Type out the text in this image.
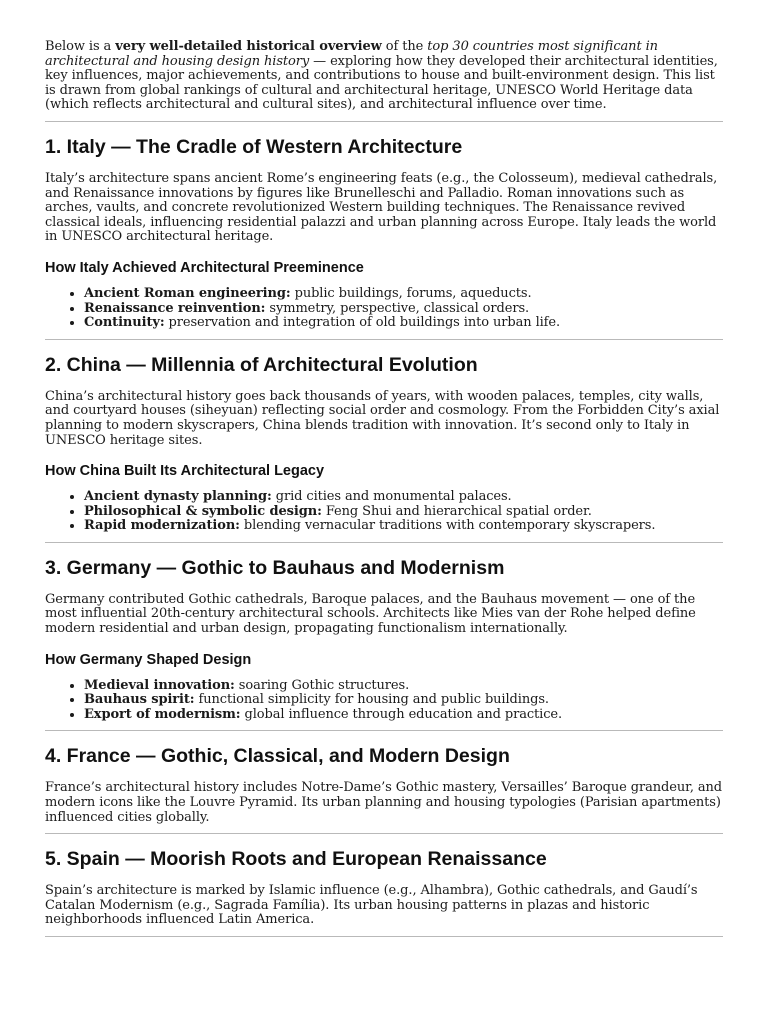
Below is a very well-detailed historical overview of the top 30 countries most significant in architectural and housing design history — exploring how they developed their architectural identities, key influences, major achievements, and contributions to house and built-environment design. This list is drawn from global rankings of cultural and architectural heritage, UNESCO World Heritage data (which reflects architectural and cultural sites), and architectural influence over time.

1. Italy — The Cradle of Western Architecture

Italy’s architecture spans ancient Rome’s engineering feats (e.g., the Colosseum), medieval cathedrals, and Renaissance innovations by figures like Brunelleschi and Palladio. Roman innovations such as arches, vaults, and concrete revolutionized Western building techniques. The Renaissance revived classical ideals, influencing residential palazzi and urban planning across Europe. Italy leads the world in UNESCO architectural heritage.

How Italy Achieved Architectural Preeminence
• Ancient Roman engineering: public buildings, forums, aqueducts.
• Renaissance reinvention: symmetry, perspective, classical orders.
• Continuity: preservation and integration of old buildings into urban life.
2. China — Millennia of Architectural Evolution

China’s architectural history goes back thousands of years, with wooden palaces, temples, city walls, and courtyard houses (siheyuan) reflecting social order and cosmology. From the Forbidden City’s axial planning to modern skyscrapers, China blends tradition with innovation. It’s second only to Italy in UNESCO heritage sites.

How China Built Its Architectural Legacy
• Ancient dynasty planning: grid cities and monumental palaces.
• Philosophical & symbolic design: Feng Shui and hierarchical spatial order.
• Rapid modernization: blending vernacular traditions with contemporary skyscrapers.
3. Germany — Gothic to Bauhaus and Modernism

Germany contributed Gothic cathedrals, Baroque palaces, and the Bauhaus movement — one of the most influential 20th-century architectural schools. Architects like Mies van der Rohe helped define modern residential and urban design, propagating functionalism internationally.

How Germany Shaped Design
• Medieval innovation: soaring Gothic structures.
• Bauhaus spirit: functional simplicity for housing and public buildings.
• Export of modernism: global influence through education and practice.
4. France — Gothic, Classical, and Modern Design

France’s architectural history includes Notre-Dame’s Gothic mastery, Versailles’ Baroque grandeur, and modern icons like the Louvre Pyramid. Its urban planning and housing typologies (Parisian apartments) influenced cities globally.

5. Spain — Moorish Roots and European Renaissance

Spain’s architecture is marked by Islamic influence (e.g., Alhambra), Gothic cathedrals, and Gaudí’s Catalan Modernism (e.g., Sagrada Família). Its urban housing patterns in plazas and historic neighborhoods influenced Latin America.
